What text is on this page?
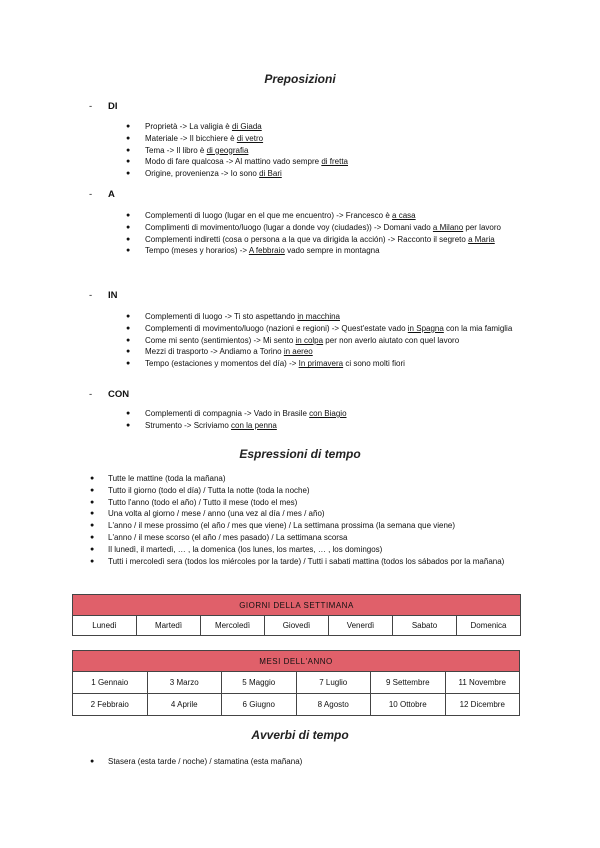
Preposizioni
- DI
● Proprietà -> La valigia è di Giada
● Materiale -> Il bicchiere è di vetro
● Tema -> Il libro è di geografia
● Modo di fare qualcosa -> Al mattino vado sempre di fretta
● Origine, provenienza -> Io sono di Bari
- A
● Complementi di luogo (lugar en el que me encuentro) -> Francesco è a casa
● Complimenti di movimento/luogo (lugar a donde voy (ciudades)) -> Domani vado a Milano per lavoro
● Complementi indiretti (cosa o persona a la que va dirigida la acción) -> Racconto il segreto a Maria
● Tempo (meses y horarios) -> A febbraio vado sempre in montagna
- IN
● Complementi di luogo -> Ti sto aspettando in macchina
● Complementi di movimento/luogo (nazioni e regioni) -> Quest'estate vado in Spagna con la mia famiglia
● Come mi sento (sentimientos) -> Mi sento in colpa per non averlo aiutato con quel lavoro
● Mezzi di trasporto -> Andiamo a Torino in aereo
● Tempo (estaciones y momentos del día) -> In primavera ci sono molti fiori
- CON
● Complementi di compagnia -> Vado in Brasile con Biagio
● Strumento -> Scriviamo con la penna
Espressioni di tempo
● Tutte le mattine (toda la mañana)
● Tutto il giorno (todo el día) / Tutta la notte (toda la noche)
● Tutto l'anno (todo el año) / Tutto il mese (todo el mes)
● Una volta al giorno / mese / anno (una vez al día / mes / año)
● L'anno / il mese prossimo (el año / mes que viene) / La settimana prossima (la semana que viene)
● L'anno / il mese scorso (el año / mes pasado) / La settimana scorsa
● Il lunedì, il martedì, … , la domenica (los lunes, los martes, … , los domingos)
● Tutti i mercoledì sera (todos los miércoles por la tarde) / Tutti i sabati mattina (todos los sábados por la mañana)
GIORNI DELLA SETTIMANA
Lunedì	Martedì	Mercoledì	Giovedì	Venerdì	Sabato	Domenica
MESI DELL'ANNO					
1 Gennaio	3 Marzo	5 Maggio	7 Luglio	9 Settembre	11 Novembre
2 Febbraio	4 Aprile	6 Giugno	8 Agosto	10 Ottobre	12 Dicembre
Avverbi di tempo
● Stasera (esta tarde / noche) / stamatina (esta mañana)
